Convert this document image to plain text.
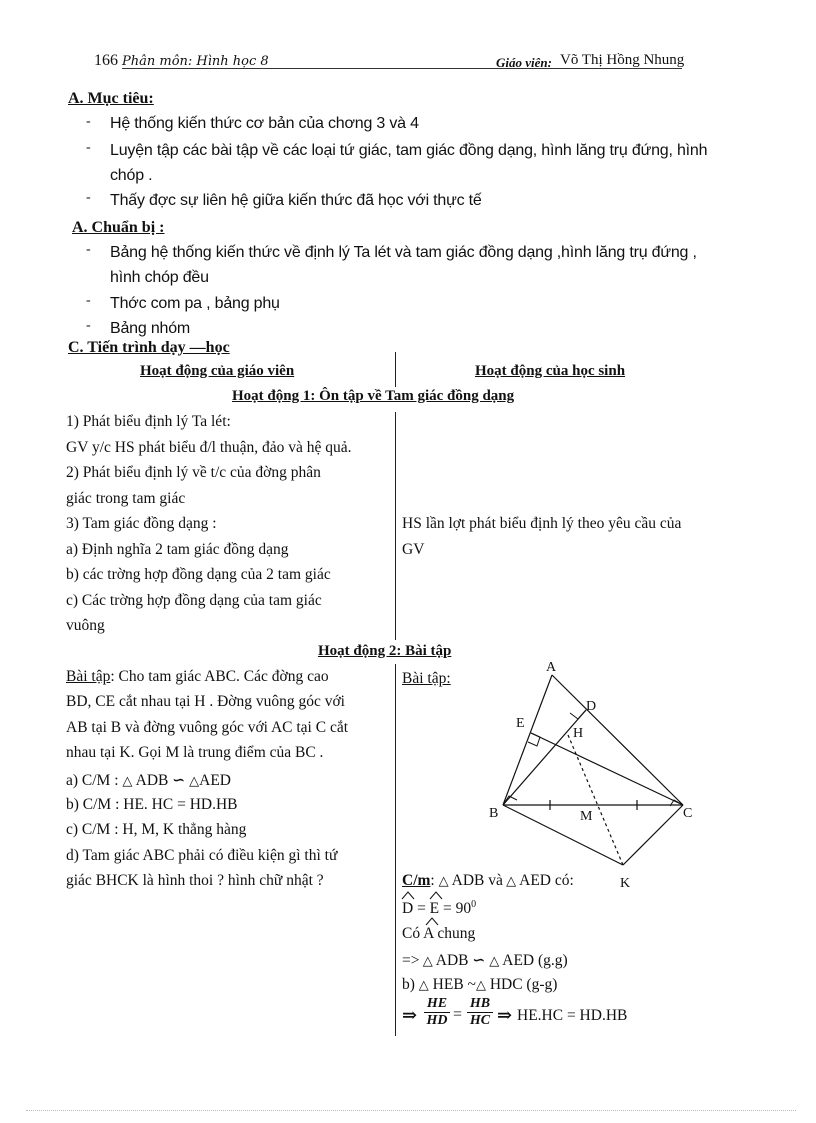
166 Phân môn: Hình học 8	Giáo viên: Võ Thị Hồng Nhung
A. Mục tiêu:
- Hệ thống kiến thức cơ bản của chơng 3 và 4
- Luyện tập các bài tập về các loại tứ giác, tam giác đồng dạng, hình lăng trụ đứng, hình
chóp .
- Thấy đợc sự liên hệ giữa kiến thức đã học với thực tế
A. Chuẩn bị :
- Bảng hệ thống kiến thức về định lý Ta lét và tam giác đồng dạng ,hình lăng trụ đứng ,
hình chóp đều
- Thớc com pa , bảng phụ
- Bảng nhóm
C. Tiến trình dạy —học
Hoạt động của giáo viên	Hoạt động của học sinh
Hoạt động 1: Ôn tập về Tam giác đồng dạng
1) Phát biểu định lý Ta lét:
GV y/c HS phát biểu đ/l thuận, đảo và hệ quả.
2) Phát biểu định lý về t/c của đờng phân
giác trong tam giác
3) Tam giác đồng dạng :
a) Định nghĩa 2 tam giác đồng dạng
b) các trờng hợp đồng dạng của 2 tam giác
c) Các trờng hợp đồng dạng của tam giác
vuông
HS lần lợt phát biểu định lý theo yêu cầu của
GV
Hoạt động 2: Bài tập
Bài tập: Cho tam giác ABC. Các đờng cao
BD, CE cắt nhau tại H . Đờng vuông góc với
AB tại B và đờng vuông góc với AC tại C cắt
nhau tại K. Gọi M là trung điểm của BC .
a) C/M : △ ADB ∽ △AED
b) C/M : HE. HC = HD.HB
c) C/M : H, M, K thẳng hàng
d) Tam giác ABC phải có điều kiện gì thì tứ
giác BHCK là hình thoi ? hình chữ nhật ?
Bài tập:
A
D
E
H
B	M	C
K
C/m: △ ADB và △ AED có:
$D = E = 90^0$
Có A chung
=> △ ADB ∽ △ AED (g.g)
b) △ HEB ~△ HDC (g-g)
⇒ $\frac{HE}{HD} = \frac{HB}{HC}$ ⇒ HE.HC = HD.HB
